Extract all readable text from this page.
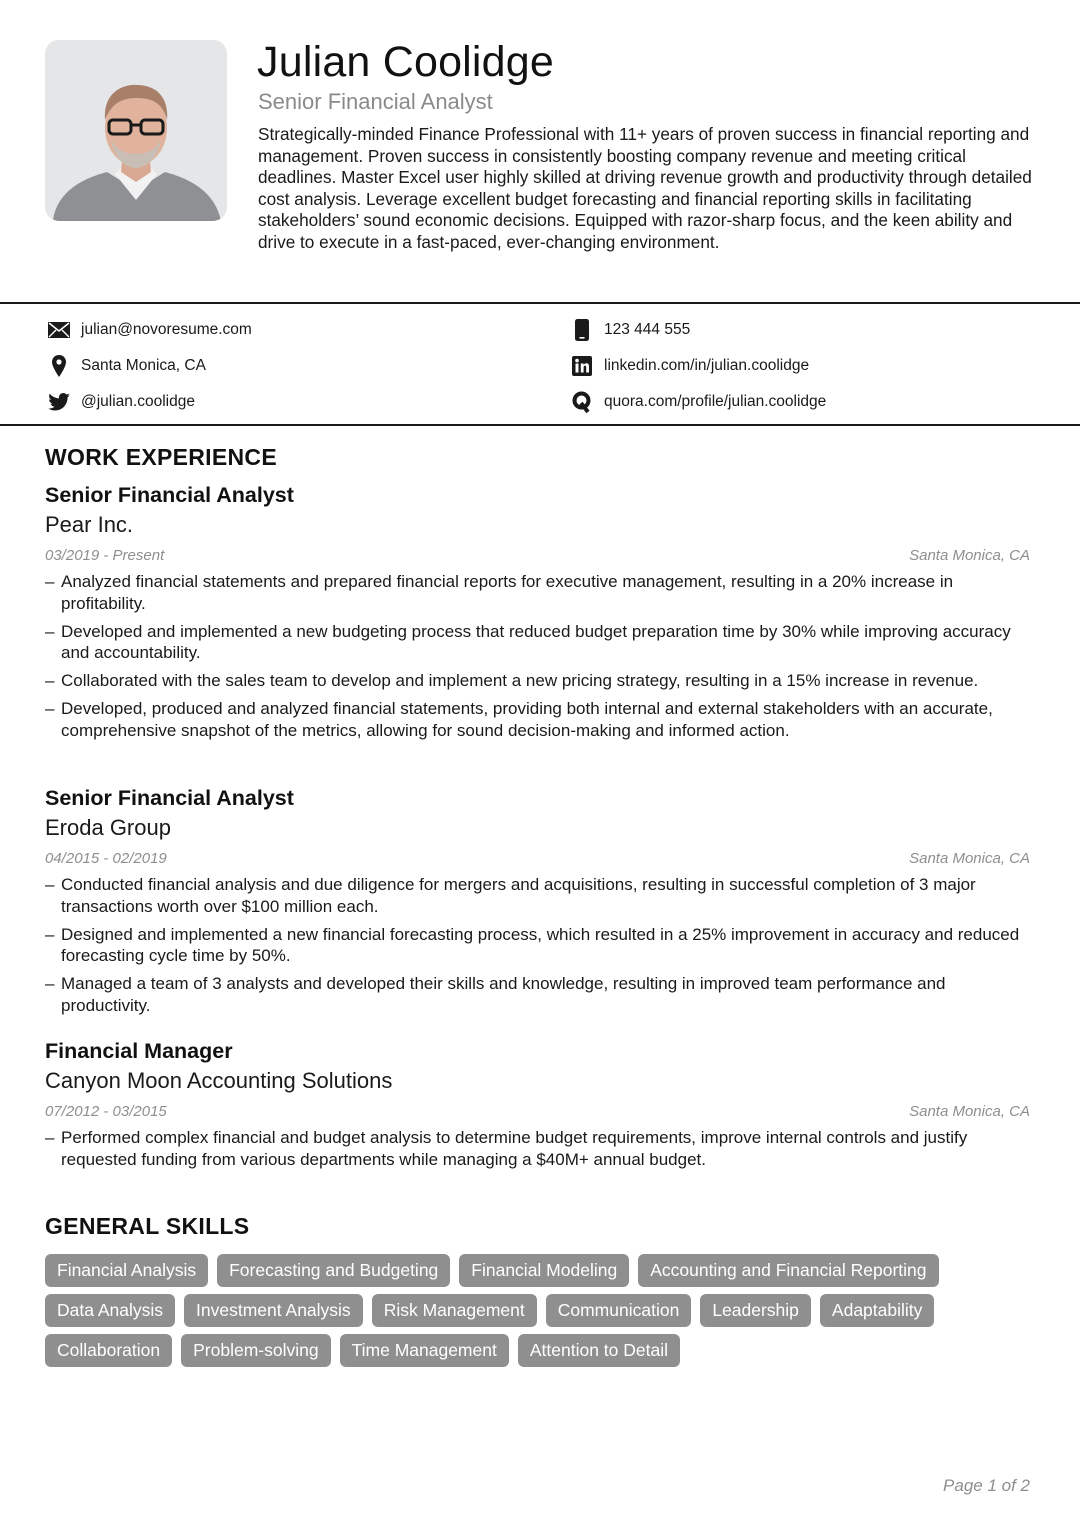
Julian Coolidge
Senior Financial Analyst
Strategically-minded Finance Professional with 11+ years of proven success in financial reporting and management. Proven success in consistently boosting company revenue and meeting critical deadlines. Master Excel user highly skilled at driving revenue growth and productivity through detailed cost analysis. Leverage excellent budget forecasting and financial reporting skills in facilitating stakeholders’ sound economic decisions. Equipped with razor-sharp focus, and the keen ability and drive to execute in a fast-paced, ever-changing environment.
julian@novoresume.com	123 444 555
Santa Monica, CA	linkedin.com/in/julian.coolidge
@julian.coolidge	quora.com/profile/julian.coolidge
WORK EXPERIENCE
Senior Financial Analyst
Pear Inc.
03/2019 - Present	Santa Monica, CA
– Analyzed financial statements and prepared financial reports for executive management, resulting in a 20% increase in profitability.
– Developed and implemented a new budgeting process that reduced budget preparation time by 30% while improving accuracy and accountability.
– Collaborated with the sales team to develop and implement a new pricing strategy, resulting in a 15% increase in revenue.
– Developed, produced and analyzed financial statements, providing both internal and external stakeholders with an accurate, comprehensive snapshot of the metrics, allowing for sound decision-making and informed action.
Senior Financial Analyst
Eroda Group
04/2015 - 02/2019	Santa Monica, CA
– Conducted financial analysis and due diligence for mergers and acquisitions, resulting in successful completion of 3 major transactions worth over $100 million each.
– Designed and implemented a new financial forecasting process, which resulted in a 25% improvement in accuracy and reduced forecasting cycle time by 50%.
– Managed a team of 3 analysts and developed their skills and knowledge, resulting in improved team performance and productivity.
Financial Manager
Canyon Moon Accounting Solutions
07/2012 - 03/2015	Santa Monica, CA
– Performed complex financial and budget analysis to determine budget requirements, improve internal controls and justify requested funding from various departments while managing a $40M+ annual budget.
GENERAL SKILLS
Financial Analysis	Forecasting and Budgeting	Financial Modeling	Accounting and Financial Reporting
Data Analysis	Investment Analysis	Risk Management	Communication	Leadership	Adaptability
Collaboration	Problem-solving	Time Management	Attention to Detail
Page 1 of 2
